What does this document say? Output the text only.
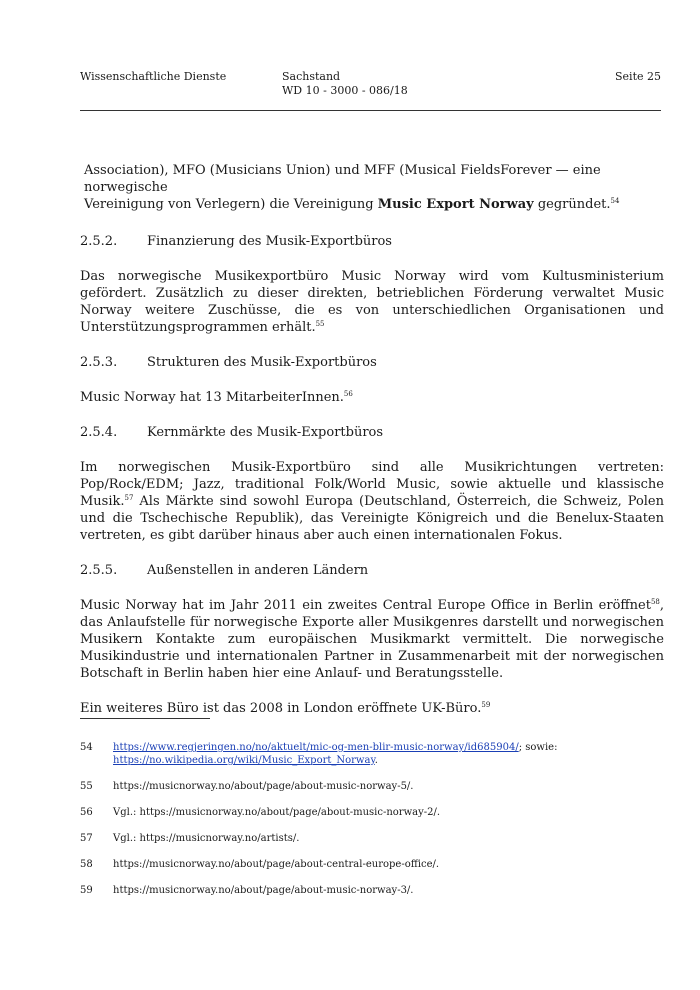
Wissenschaftliche Dienste	Sachstand
WD 10 - 3000 - 086/18
Seite 25

Association), MFO (Musicians Union) und MFF (Musical FieldsForever — eine norwegische
Vereinigung von Verlegern) die Vereinigung Music Export Norway gegründet.$^{54}$

2.5.2.	Finanzierung des Musik-Exportbüros

Das norwegische Musikexportbüro Music Norway wird vom Kultusministerium gefördert. Zusätzlich zu dieser direkten, betrieblichen Förderung verwaltet Music Norway weitere Zuschüsse, die es von unterschiedlichen Organisationen und Unterstützungsprogrammen erhält.$^{55}$

2.5.3.	Strukturen des Musik-Exportbüros

Music Norway hat 13 MitarbeiterInnen.$^{56}$

2.5.4.	Kernmärkte des Musik-Exportbüros

Im norwegischen Musik-Exportbüro sind alle Musikrichtungen vertreten: Pop/Rock/EDM; Jazz, traditional Folk/World Music, sowie aktuelle und klassische Musik.$^{57}$ Als Märkte sind sowohl Europa (Deutschland, Österreich, die Schweiz, Polen und die Tschechische Republik), das Vereinigte Königreich und die Benelux-Staaten vertreten, es gibt darüber hinaus aber auch einen internationalen Fokus.

2.5.5.	Außenstellen in anderen Ländern

Music Norway hat im Jahr 2011 ein zweites Central Europe Office in Berlin eröffnet$^{58}$, das Anlaufstelle für norwegische Exporte aller Musikgenres darstellt und norwegischen Musikern Kontakte zum europäischen Musikmarkt vermittelt. Die norwegische Musikindustrie und internationalen Partner in Zusammenarbeit mit der norwegischen Botschaft in Berlin haben hier eine Anlauf- und Beratungsstelle.

Ein weiteres Büro ist das 2008 in London eröffnete UK-Büro.$^{59}$

54	https://www.regjeringen.no/no/aktuelt/mic-og-men-blir-music-norway/id685904/; sowie: https://no.wikipedia.org/wiki/Music_Export_Norway.
55	https://musicnorway.no/about/page/about-music-norway-5/.
56	Vgl.: https://musicnorway.no/about/page/about-music-norway-2/.
57	Vgl.: https://musicnorway.no/artists/.
58	https://musicnorway.no/about/page/about-central-europe-office/.
59	https://musicnorway.no/about/page/about-music-norway-3/.
